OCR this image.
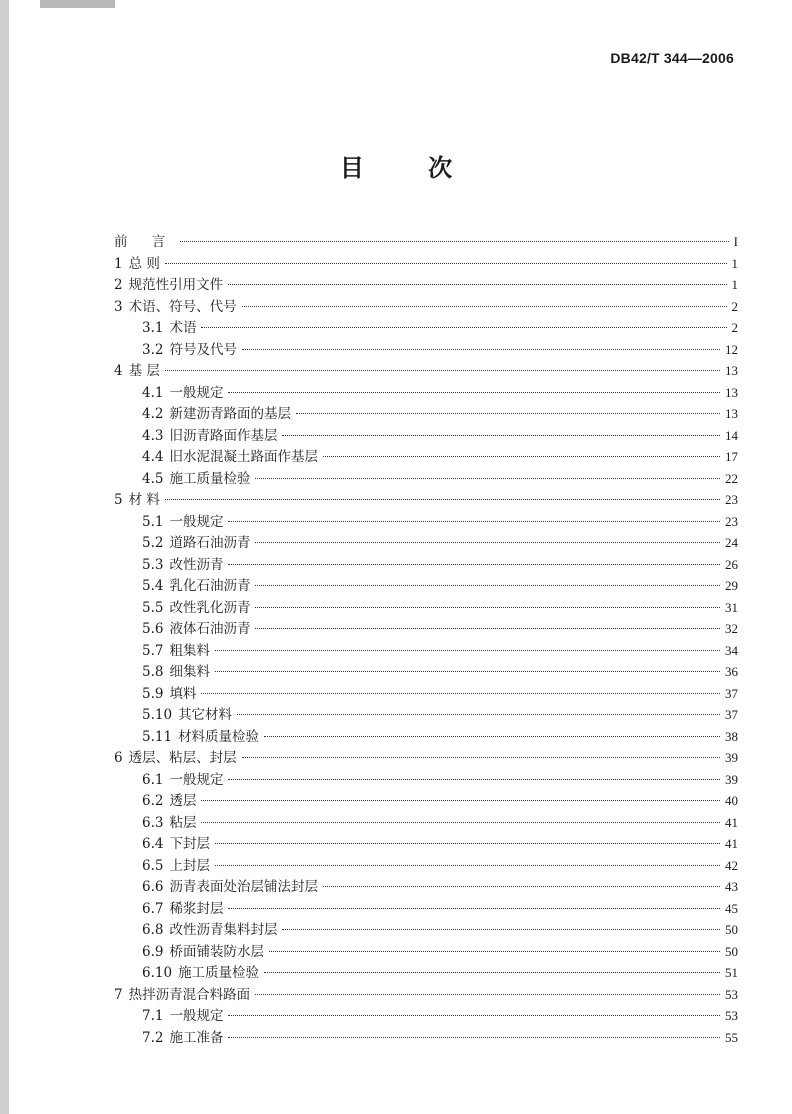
DB42/T 344—2006
目 次
前 言	I
1 总 则	1
2 规范性引用文件	1
3 术语、符号、代号	2
3.1 术语	2
3.2 符号及代号	12
4 基 层	13
4.1 一般规定	13
4.2 新建沥青路面的基层	13
4.3 旧沥青路面作基层	14
4.4 旧水泥混凝土路面作基层	17
4.5 施工质量检验	22
5 材 料	23
5.1 一般规定	23
5.2 道路石油沥青	24
5.3 改性沥青	26
5.4 乳化石油沥青	29
5.5 改性乳化沥青	31
5.6 液体石油沥青	32
5.7 粗集料	34
5.8 细集料	36
5.9 填料	37
5.10 其它材料	37
5.11 材料质量检验	38
6 透层、粘层、封层	39
6.1 一般规定	39
6.2 透层	40
6.3 粘层	41
6.4 下封层	41
6.5 上封层	42
6.6 沥青表面处治层铺法封层	43
6.7 稀浆封层	45
6.8 改性沥青集料封层	50
6.9 桥面铺装防水层	50
6.10 施工质量检验	51
7 热拌沥青混合料路面	53
7.1 一般规定	53
7.2 施工准备	55
